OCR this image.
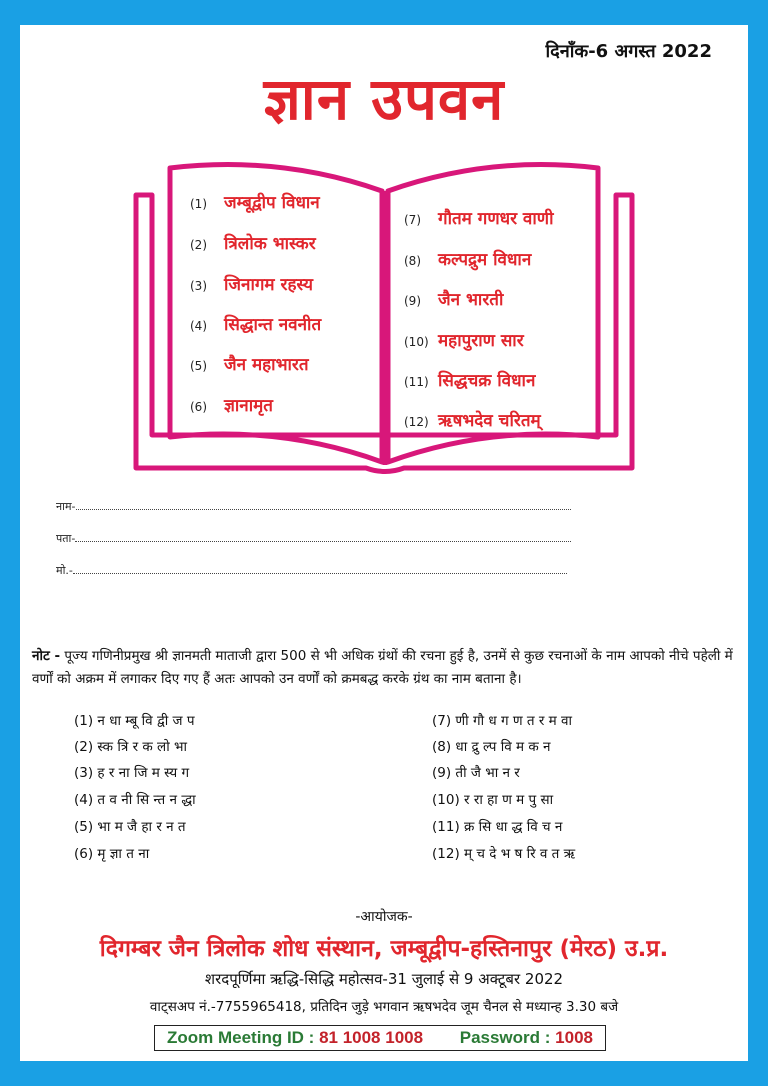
दिनाँक-6 अगस्त 2022
ज्ञान उपवन
(1)	जम्बूद्वीप विधान
(2)	त्रिलोक भास्कर
(3)	जिनागम रहस्य
(4)	सिद्धान्त नवनीत
(5)	जैन महाभारत
(6)	ज्ञानामृत
(7)	गौतम गणधर वाणी
(8)	कल्पद्रुम विधान
(9)	जैन भारती
(10) महापुराण सार
(11) सिद्धचक्र विधान
(12) ऋषभदेव चरितम्
नाम-
पता-
मो.-
नोट - पूज्य गणिनीप्रमुख श्री ज्ञानमती माताजी द्वारा 500 से भी अधिक ग्रंथों की रचना हुई है, उनमें से कुछ रचनाओं के नाम आपको नीचे पहेली में वर्णों को अक्रम में लगाकर दिए गए हैं अतः आपको उन वर्णों को क्रमबद्ध करके ग्रंथ का नाम बताना है।
(1) न धा म्बू वि द्वी ज प
(2) स्क त्रि र क लो भा
(3) ह र ना जि म स्य ग
(4) त व नी सि न्त न द्धा
(5) भा म जै हा र न त
(6) मृ ज्ञा त ना
(7) णी गौ ध ग ण त र म वा
(8) धा द्रु ल्प वि म क न
(9) ती जै भा न र
(10) र रा हा ण म पु सा
(11) क्र सि धा द्ध वि च न
(12) म् च दे भ ष रि व त ऋ
-आयोजक-
दिगम्बर जैन त्रिलोक शोध संस्थान, जम्बूद्वीप-हस्तिनापुर (मेरठ) उ.प्र.
शरदपूर्णिमा ऋद्धि-सिद्धि महोत्सव-31 जुलाई से 9 अक्टूबर 2022
वाट्सअप नं.-7755965418, प्रतिदिन जुड़े भगवान ऋषभदेव जूम चैनल से मध्यान्ह 3.30 बजे
Zoom Meeting ID : 81 1008 1008 Password : 1008
